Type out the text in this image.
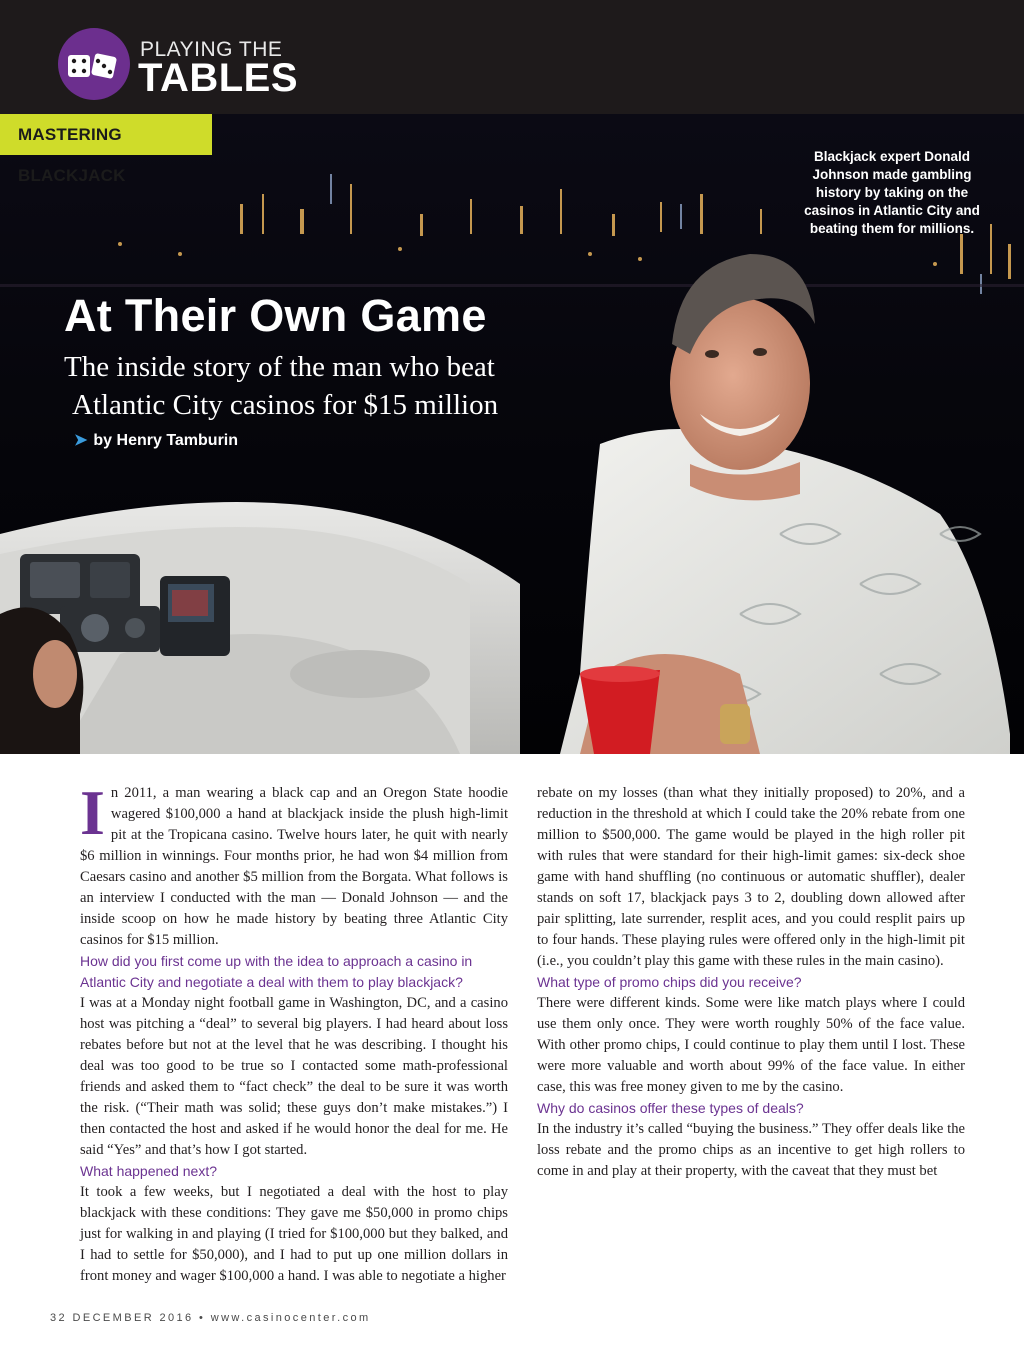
PLAYING THE
TABLES
MASTERING BLACKJACK
Blackjack expert Donald Johnson made gambling history by taking on the casinos in Atlantic City and beating them for millions.
At Their Own Game
The inside story of the man who beat
Atlantic City casinos for $15 million
➤ by Henry Tamburin

In 2011, a man wearing a black cap and an Oregon State hoodie wagered $100,000 a hand at blackjack inside the plush high-limit pit at the Tropicana casino. Twelve hours later, he quit with nearly $6 million in winnings. Four months prior, he had won $4 million from Caesars casino and another $5 million from the Borgata. What follows is an interview I conducted with the man — Donald Johnson — and the inside scoop on how he made history by beating three Atlantic City casinos for $15 million.

How did you first come up with the idea to approach a casino in Atlantic City and negotiate a deal with them to play blackjack?

I was at a Monday night football game in Washington, DC, and a casino host was pitching a “deal” to several big players. I had heard about loss rebates before but not at the level that he was describing. I thought his deal was too good to be true so I contacted some math-professional friends and asked them to “fact check” the deal to be sure it was worth the risk. (“Their math was solid; these guys don’t make mistakes.”) I then contacted the host and asked if he would honor the deal for me. He said “Yes” and that’s how I got started.

What happened next?

It took a few weeks, but I negotiated a deal with the host to play blackjack with these conditions: They gave me $50,000 in promo chips just for walking in and playing (I tried for $100,000 but they balked, and I had to settle for $50,000), and I had to put up one million dollars in front money and wager $100,000 a hand. I was able to negotiate a higher

rebate on my losses (than what they initially proposed) to 20%, and a reduction in the threshold at which I could take the 20% rebate from one million to $500,000. The game would be played in the high roller pit with rules that were standard for their high-limit games: six-deck shoe game with hand shuffling (no continuous or automatic shuffler), dealer stands on soft 17, blackjack pays 3 to 2, doubling down allowed after pair splitting, late surrender, resplit aces, and you could resplit pairs up to four hands. These playing rules were offered only in the high-limit pit (i.e., you couldn’t play this game with these rules in the main casino).

What type of promo chips did you receive?

There were different kinds. Some were like match plays where I could use them only once. They were worth roughly 50% of the face value. With other promo chips, I could continue to play them until I lost. These were more valuable and worth about 99% of the face value. In either case, this was free money given to me by the casino.

Why do casinos offer these types of deals?

In the industry it’s called “buying the business.” They offer deals like the loss rebate and the promo chips as an incentive to get high rollers to come in and play at their property, with the caveat that they must bet

32 DECEMBER 2016 • www.casinocenter.com
